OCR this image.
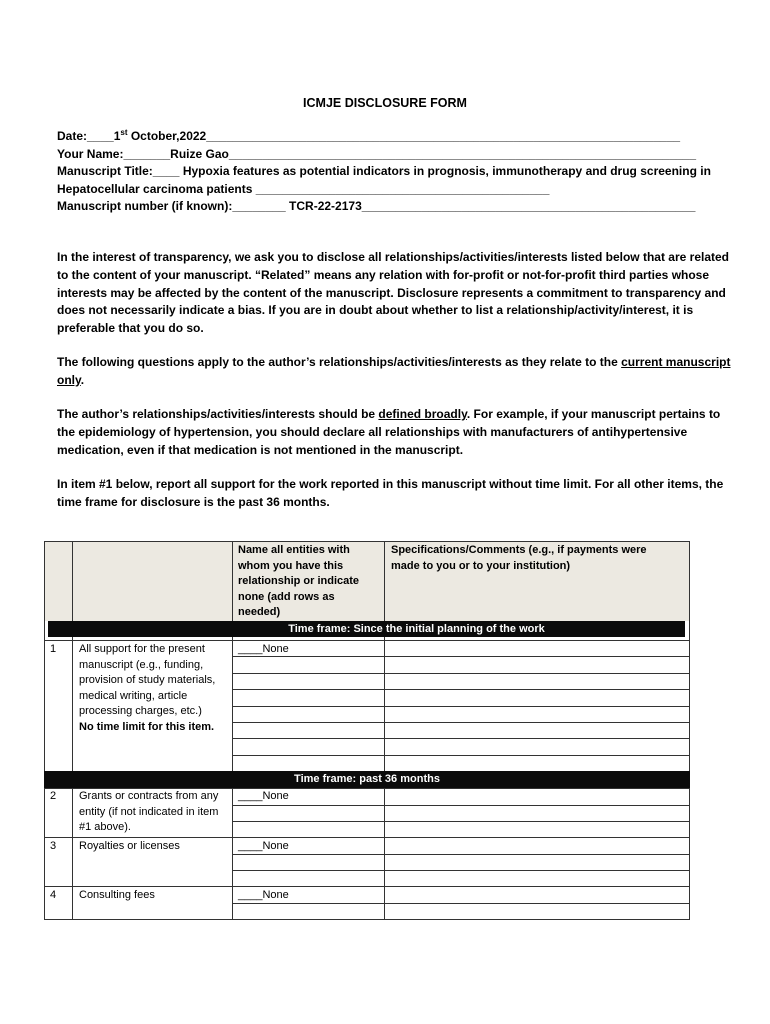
ICMJE DISCLOSURE FORM
Date:____1st October,2022_______________________________________________________________________
Your Name:_______Ruize Gao______________________________________________________________________
Manuscript Title:____ Hypoxia features as potential indicators in prognosis, immunotherapy and drug screening in
Hepatocellular carcinoma patients ____________________________________________
Manuscript number (if known):________ TCR-22-2173__________________________________________________
In the interest of transparency, we ask you to disclose all relationships/activities/interests listed below that are related to the content of your manuscript. “Related” means any relation with for-profit or not-for-profit third parties whose interests may be affected by the content of the manuscript. Disclosure represents a commitment to transparency and does not necessarily indicate a bias. If you are in doubt about whether to list a relationship/activity/interest, it is preferable that you do so.
The following questions apply to the author’s relationships/activities/interests as they relate to the current manuscript only.
The author’s relationships/activities/interests should be defined broadly. For example, if your manuscript pertains to the epidemiology of hypertension, you should declare all relationships with manufacturers of antihypertensive medication, even if that medication is not mentioned in the manuscript.
In item #1 below, report all support for the work reported in this manuscript without time limit. For all other items, the time frame for disclosure is the past 36 months.
Name all entities with whom you have this relationship or indicate none (add rows as needed)
Specifications/Comments (e.g., if payments were made to you or to your institution)
Time frame: Since the initial planning of the work
1 All support for the present manuscript (e.g., funding, provision of study materials, medical writing, article processing charges, etc.)
No time limit for this item.
____None
Time frame: past 36 months
2 Grants or contracts from any entity (if not indicated in item #1 above).
____None
3 Royalties or licenses	____None
4 Consulting fees	____None
